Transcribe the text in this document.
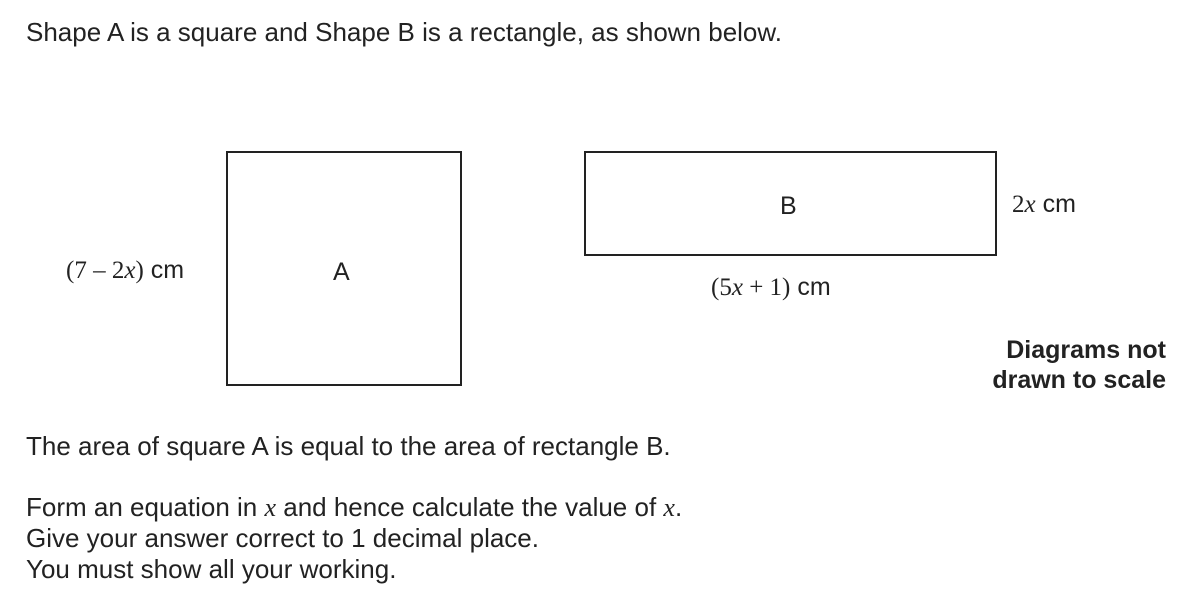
Shape A is a square and Shape B is a rectangle, as shown below.
A
(7 – 2x) cm
B	2x cm
(5x + 1) cm
Diagrams not
drawn to scale
The area of square A is equal to the area of rectangle B.
Form an equation in x and hence calculate the value of x.
Give your answer correct to 1 decimal place.
You must show all your working.
